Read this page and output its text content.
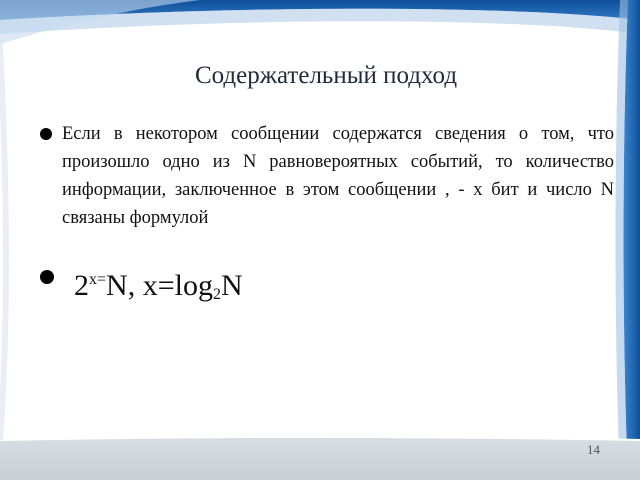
Содержательный подход
Если в некотором сообщении содержатся сведения о том, что произошло одно из N равновероятных событий, то количество информации, заключенное в этом сообщении , - х бит и число N связаны формулой
$2^{x=}N$, $x=\log_2N$
14
